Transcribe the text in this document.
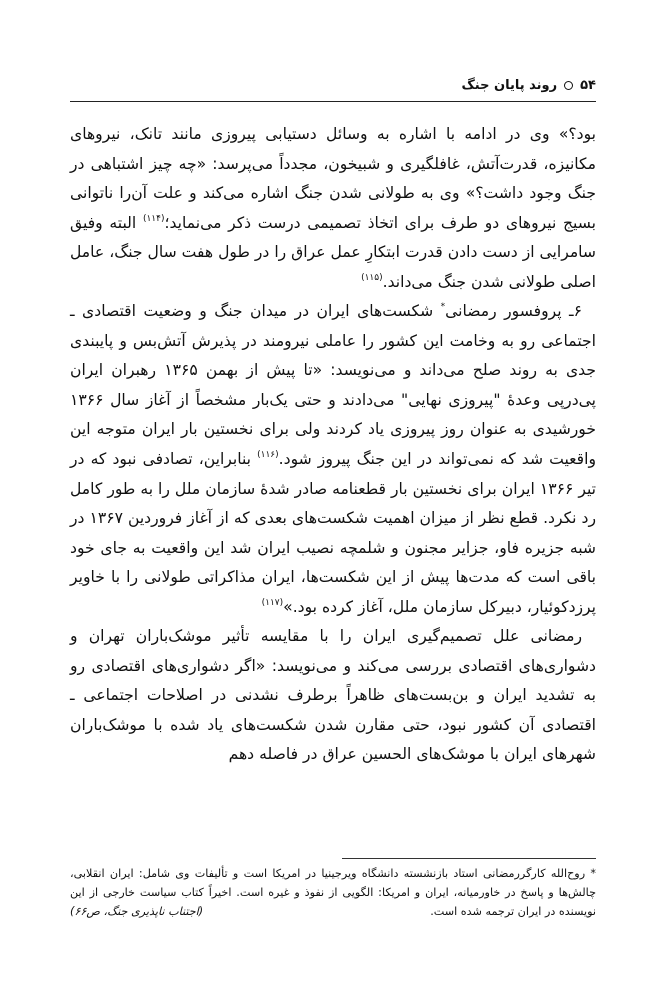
۵۴روند پایان جنگ

بود؟» وی در ادامه با اشاره به وسائل دستیابی پیروزی مانند تانک، نیروهای مکانیزه، قدرت‌آتش، غافلگیری و شبیخون، مجدداً می‌پرسد: «چه چیز اشتباهی در جنگ وجود داشت؟» وی به طولانی شدن جنگ اشاره می‌کند و علت آن‌را ناتوانی بسیج نیروهای دو طرف برای اتخاذ تصمیمی درست ذکر می‌نماید؛$^{(۱۱۴)}$ البته وفیق سامرایی از دست دادن قدرت ابتکارِ عمل عراق را در طول هفت سال جنگ، عامل اصلی طولانی شدن جنگ می‌داند.$^{(۱۱۵)}$

۶ـ پروفسور رمضانی* شکست‌های ایران در میدان جنگ و وضعیت اقتصادی ـ اجتماعی رو به وخامت این کشور را عاملی نیرومند در پذیرش آتش‌بس و پایبندی جدی به روند صلح می‌داند و می‌نویسد: «تا پیش از بهمن ۱۳۶۵ رهبران ایران پی‌درپی وعدهٔ "پیروزی نهایی" می‌دادند و حتی یک‌بار مشخصاً از آغاز سال ۱۳۶۶ خورشیدی به عنوان روز پیروزی یاد کردند ولی برای نخستین بار ایران متوجه این واقعیت شد که نمی‌تواند در این جنگ پیروز شود.$^{(۱۱۶)}$ بنابراین، تصادفی نبود که در تیر ۱۳۶۶ ایران برای نخستین بار قطعنامه صادر شدهٔ سازمان ملل را به طور کامل رد نکرد. قطع نظر از میزان اهمیت شکست‌های بعدی که از آغاز فروردین ۱۳۶۷ در شبه جزیره فاو، جزایر مجنون و شلمچه نصیب ایران شد این واقعیت به جای خود باقی است که مدت‌ها پیش از این شکست‌ها، ایران مذاکراتی طولانی را با خاویر پرزدکوئیار، دبیرکل سازمان ملل، آغاز کرده بود.»$^{(۱۱۷)}$

رمضانی علل تصمیم‌گیری ایران را با مقایسه تأثیر موشک‌باران تهران و دشواری‌های اقتصادی بررسی می‌کند و می‌نویسد: «اگر دشواری‌های اقتصادی رو به تشدید ایران و بن‌بست‌های ظاهراً برطرف نشدنی در اصلاحات اجتماعی ـ اقتصادی آن کشور نبود، حتی مقارن شدن شکست‌های یاد شده با موشک‌باران شهرهای ایران با موشک‌های الحسین عراق در فاصله دهم

* روح‌الله کارگررمضانی استاد بازنشسته دانشگاه ویرجینیا در امریکا است و تألیفات وی شامل: ایران انقلابی، چالش‌ها و پاسخ در خاورمیانه، ایران و امریکا: الگویی از نفوذ و غیره است. اخیراً کتاب سیاست خارجی از این نویسنده در ایران ترجمه شده است.
(اجتناب ناپذیری جنگ، ص۶۶)
